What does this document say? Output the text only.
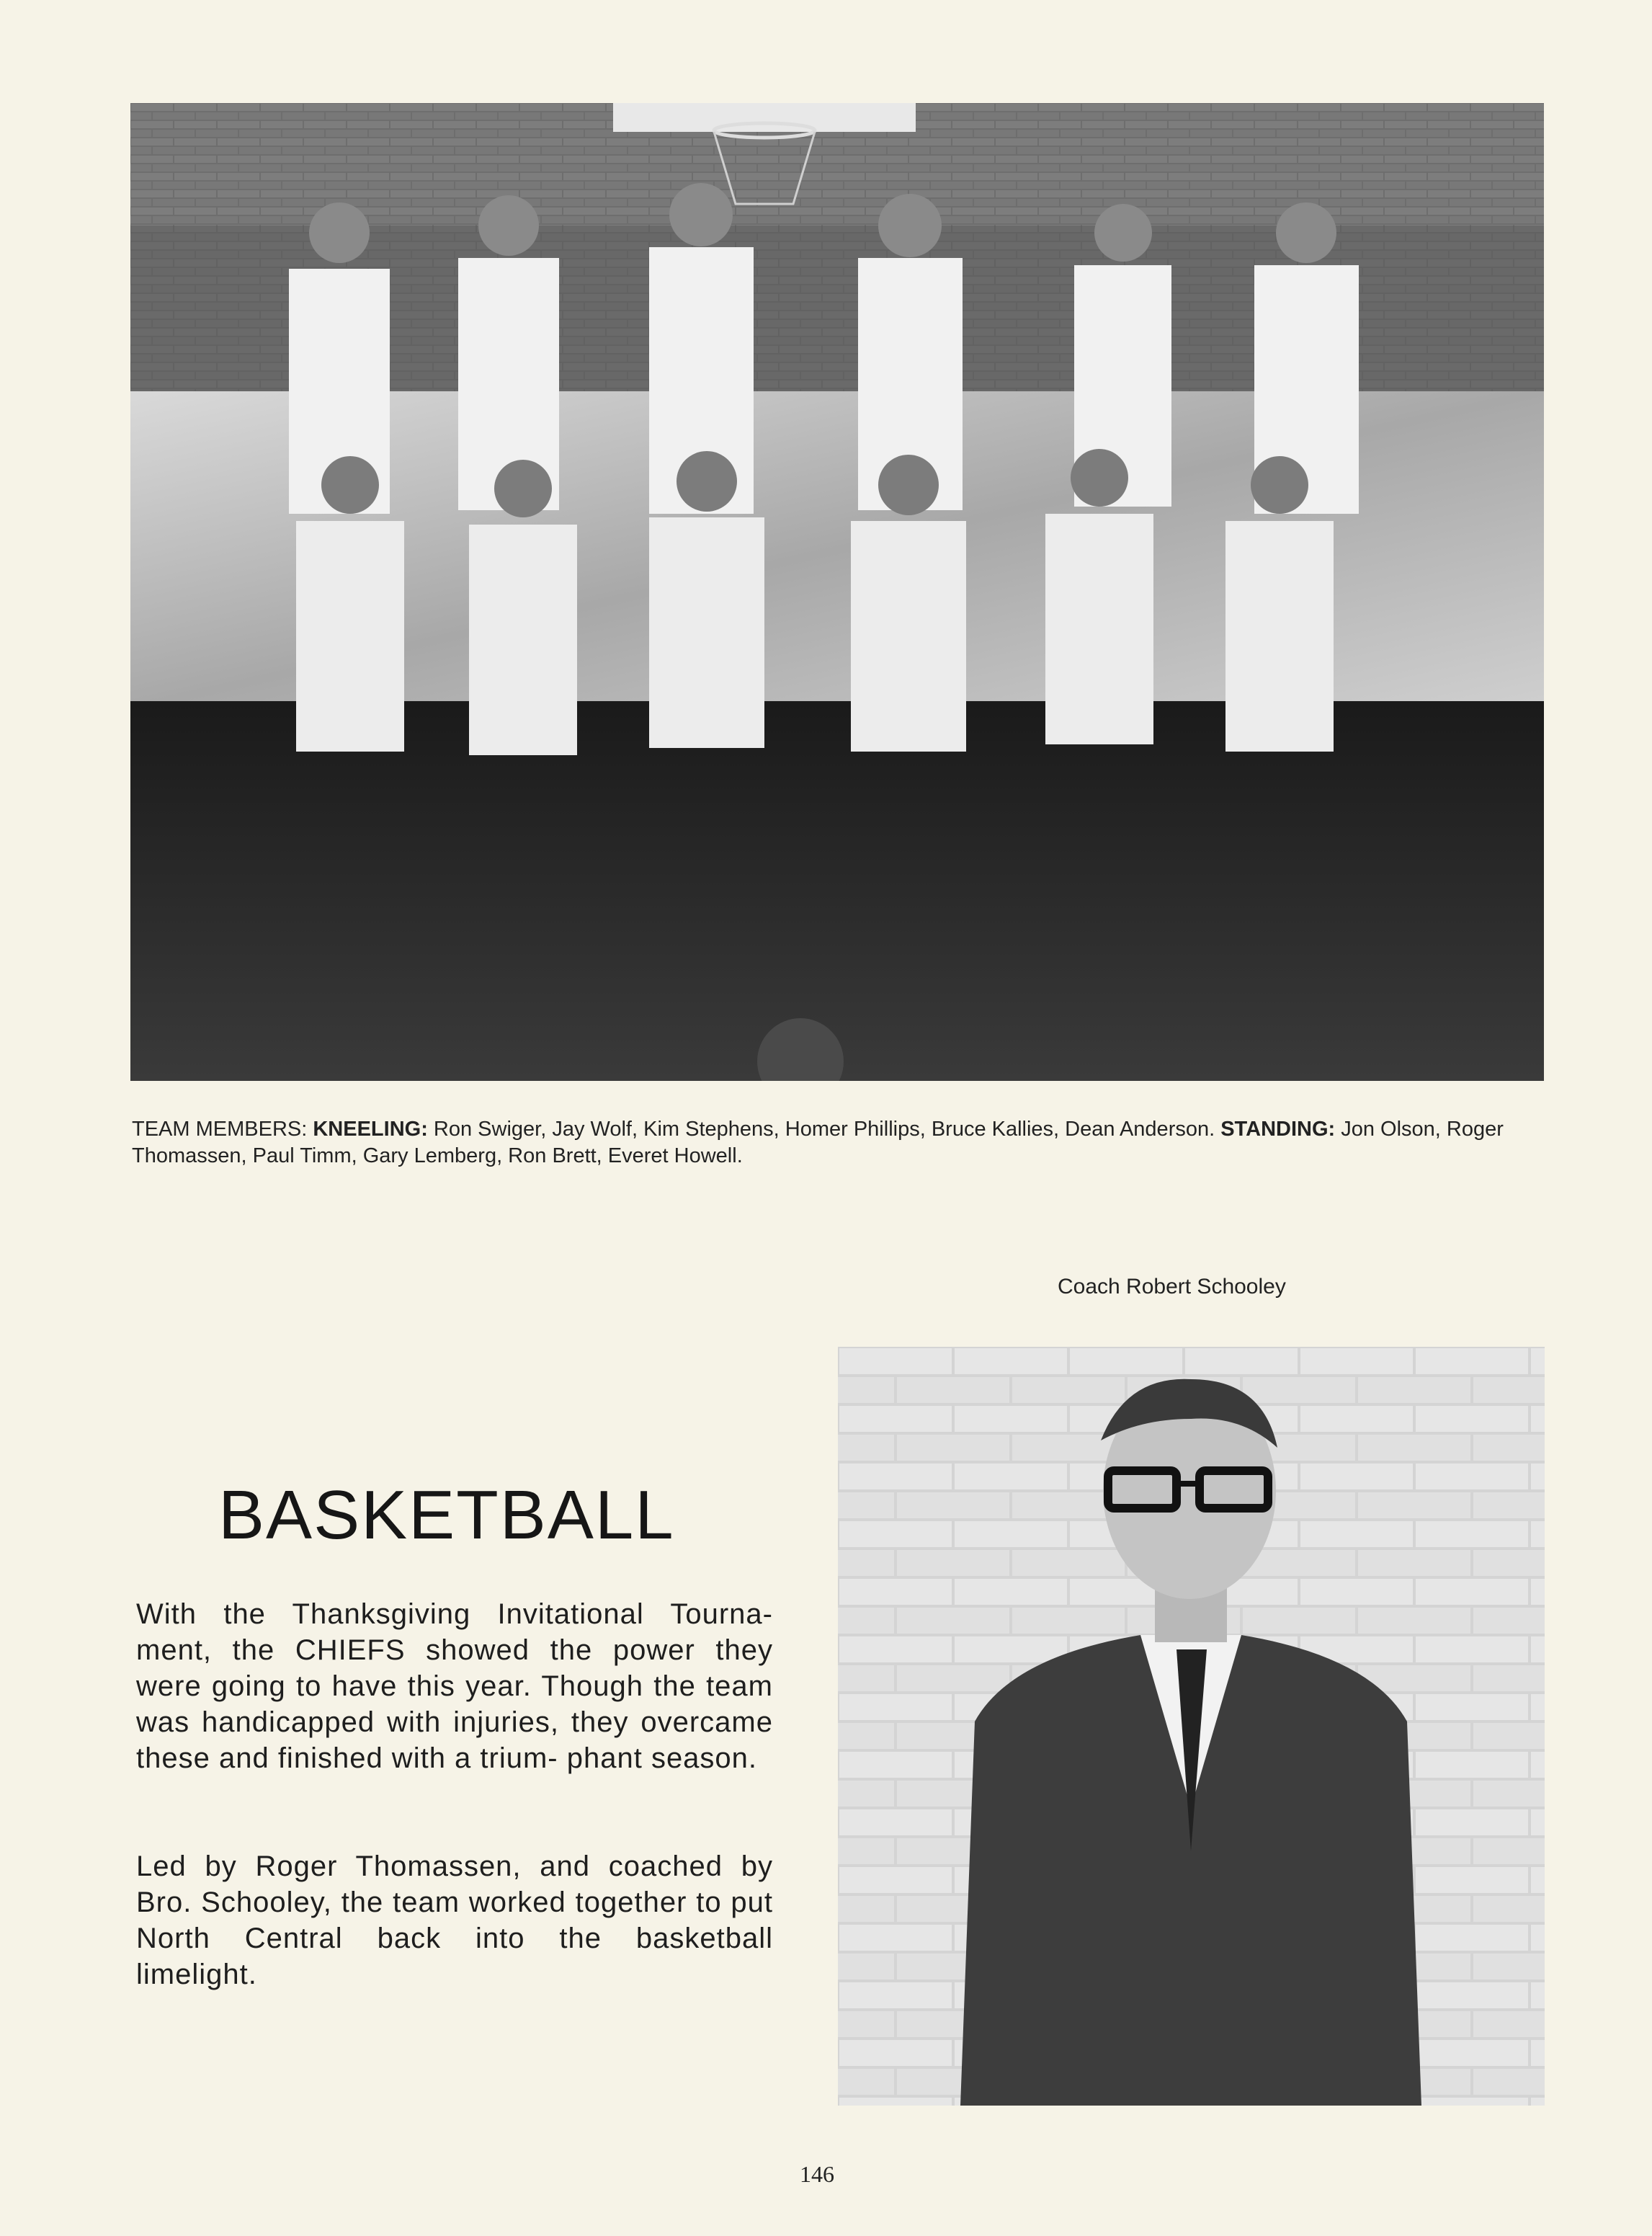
TEAM MEMBERS: KNEELING: Ron Swiger, Jay Wolf, Kim Stephens, Homer Phillips, Bruce Kallies, Dean Anderson. STANDING: Jon Olson, Roger Thomassen, Paul Timm, Gary Lemberg, Ron Brett, Everet Howell.
Coach Robert Schooley
BASKETBALL
With the Thanksgiving Invitational Tourna- ment, the CHIEFS showed the power they were going to have this year. Though the team was handicapped with injuries, they overcame these and finished with a trium- phant season.
Led by Roger Thomassen, and coached by Bro. Schooley, the team worked together to put North Central back into the basketball limelight.
146
